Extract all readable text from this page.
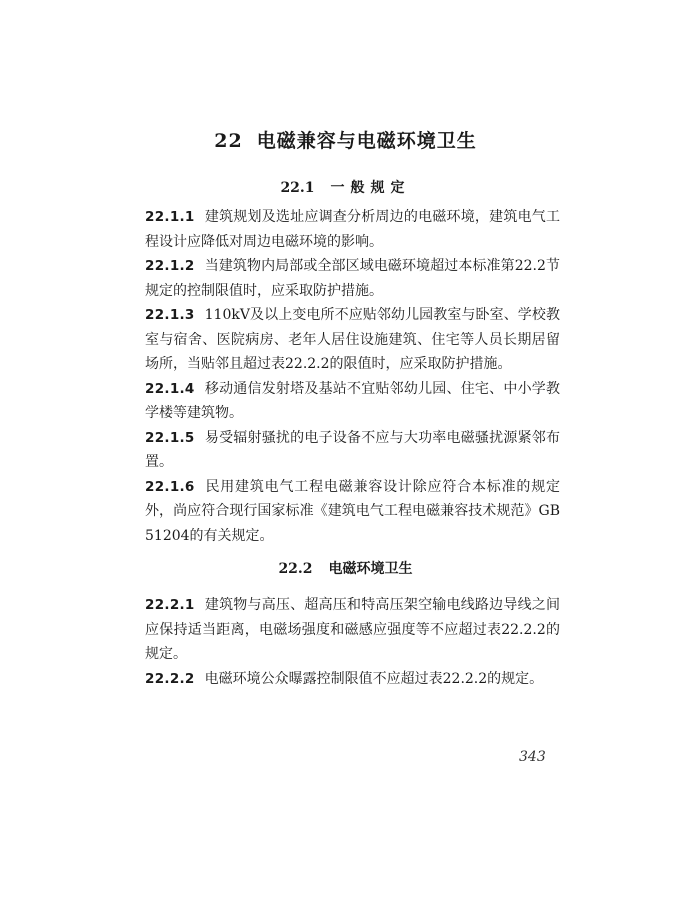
22 电磁兼容与电磁环境卫生
22.1 一般规定

22.1.1 建筑规划及选址应调查分析周边的电磁环境，建筑电气工程设计应降低对周边电磁环境的影响。

22.1.2 当建筑物内局部或全部区域电磁环境超过本标准第22.2节规定的控制限值时，应采取防护措施。

22.1.3 110kV及以上变电所不应贴邻幼儿园教室与卧室、学校教室与宿舍、医院病房、老年人居住设施建筑、住宅等人员长期居留场所，当贴邻且超过表22.2.2的限值时，应采取防护措施。

22.1.4 移动通信发射塔及基站不宜贴邻幼儿园、住宅、中小学教学楼等建筑物。

22.1.5 易受辐射骚扰的电子设备不应与大功率电磁骚扰源紧邻布置。

22.1.6 民用建筑电气工程电磁兼容设计除应符合本标准的规定外，尚应符合现行国家标准《建筑电气工程电磁兼容技术规范》GB 51204的有关规定。

22.2 电磁环境卫生

22.2.1 建筑物与高压、超高压和特高压架空输电线路边导线之间应保持适当距离，电磁场强度和磁感应强度等不应超过表22.2.2的规定。

22.2.2 电磁环境公众曝露控制限值不应超过表22.2.2的规定。

343
